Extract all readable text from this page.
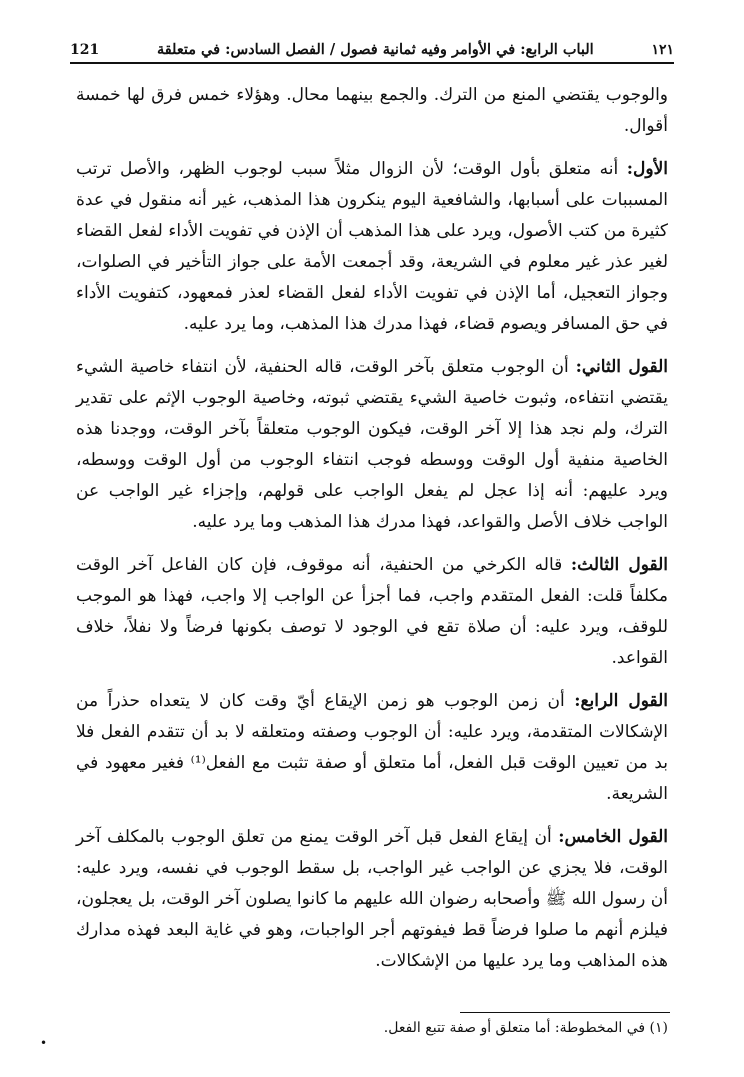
١٢١
الباب الرابع: في الأوامر وفيه ثمانية فصول / الفصل السادس: في متعلقة
121

والوجوب يقتضي المنع من الترك. والجمع بينهما محال. وهؤلاء خمس فرق لها خمسة أقوال.

الأول: أنه متعلق بأول الوقت؛ لأن الزوال مثلاً سبب لوجوب الظهر، والأصل ترتب المسببات على أسبابها، والشافعية اليوم ينكرون هذا المذهب، غير أنه منقول في عدة كثيرة من كتب الأصول، ويرد على هذا المذهب أن الإذن في تفويت الأداء لفعل القضاء لغير عذر غير معلوم في الشريعة، وقد أجمعت الأمة على جواز التأخير في الصلوات، وجواز التعجيل، أما الإذن في تفويت الأداء لفعل القضاء لعذر فمعهود، كتفويت الأداء في حق المسافر ويصوم قضاء، فهذا مدرك هذا المذهب، وما يرد عليه.

القول الثاني: أن الوجوب متعلق بآخر الوقت، قاله الحنفية، لأن انتفاء خاصية الشيء يقتضي انتفاءه، وثبوت خاصية الشيء يقتضي ثبوته، وخاصية الوجوب الإثم على تقدير الترك، ولم نجد هذا إلا آخر الوقت، فيكون الوجوب متعلقاً بآخر الوقت، ووجدنا هذه الخاصية منفية أول الوقت ووسطه فوجب انتفاء الوجوب من أول الوقت ووسطه، ويرد عليهم: أنه إذا عجل لم يفعل الواجب على قولهم، وإجزاء غير الواجب عن الواجب خلاف الأصل والقواعد، فهذا مدرك هذا المذهب وما يرد عليه.

القول الثالث: قاله الكرخي من الحنفية، أنه موقوف، فإن كان الفاعل آخر الوقت مكلفاً قلت: الفعل المتقدم واجب، فما أجزأ عن الواجب إلا واجب، فهذا هو الموجب للوقف، ويرد عليه: أن صلاة تقع في الوجود لا توصف بكونها فرضاً ولا نفلاً، خلاف القواعد.

القول الرابع: أن زمن الوجوب هو زمن الإيقاع أيّ وقت كان لا يتعداه حذراً من الإشكالات المتقدمة، ويرد عليه: أن الوجوب وصفته ومتعلقه لا بد أن تتقدم الفعل فلا بد من تعيين الوقت قبل الفعل، أما متعلق أو صفة تثبت مع الفعل⁽¹⁾ فغير معهود في الشريعة.

القول الخامس: أن إيقاع الفعل قبل آخر الوقت يمنع من تعلق الوجوب بالمكلف آخر الوقت، فلا يجزي عن الواجب غير الواجب، بل سقط الوجوب في نفسه، ويرد عليه: أن رسول الله ﷺ وأصحابه رضوان الله عليهم ما كانوا يصلون آخر الوقت، بل يعجلون، فيلزم أنهم ما صلوا فرضاً قط فيفوتهم أجر الواجبات، وهو في غاية البعد فهذه مدارك هذه المذاهب وما يرد عليها من الإشكالات.

(١) في المخطوطة: أما متعلق أو صفة تتبع الفعل.
•
